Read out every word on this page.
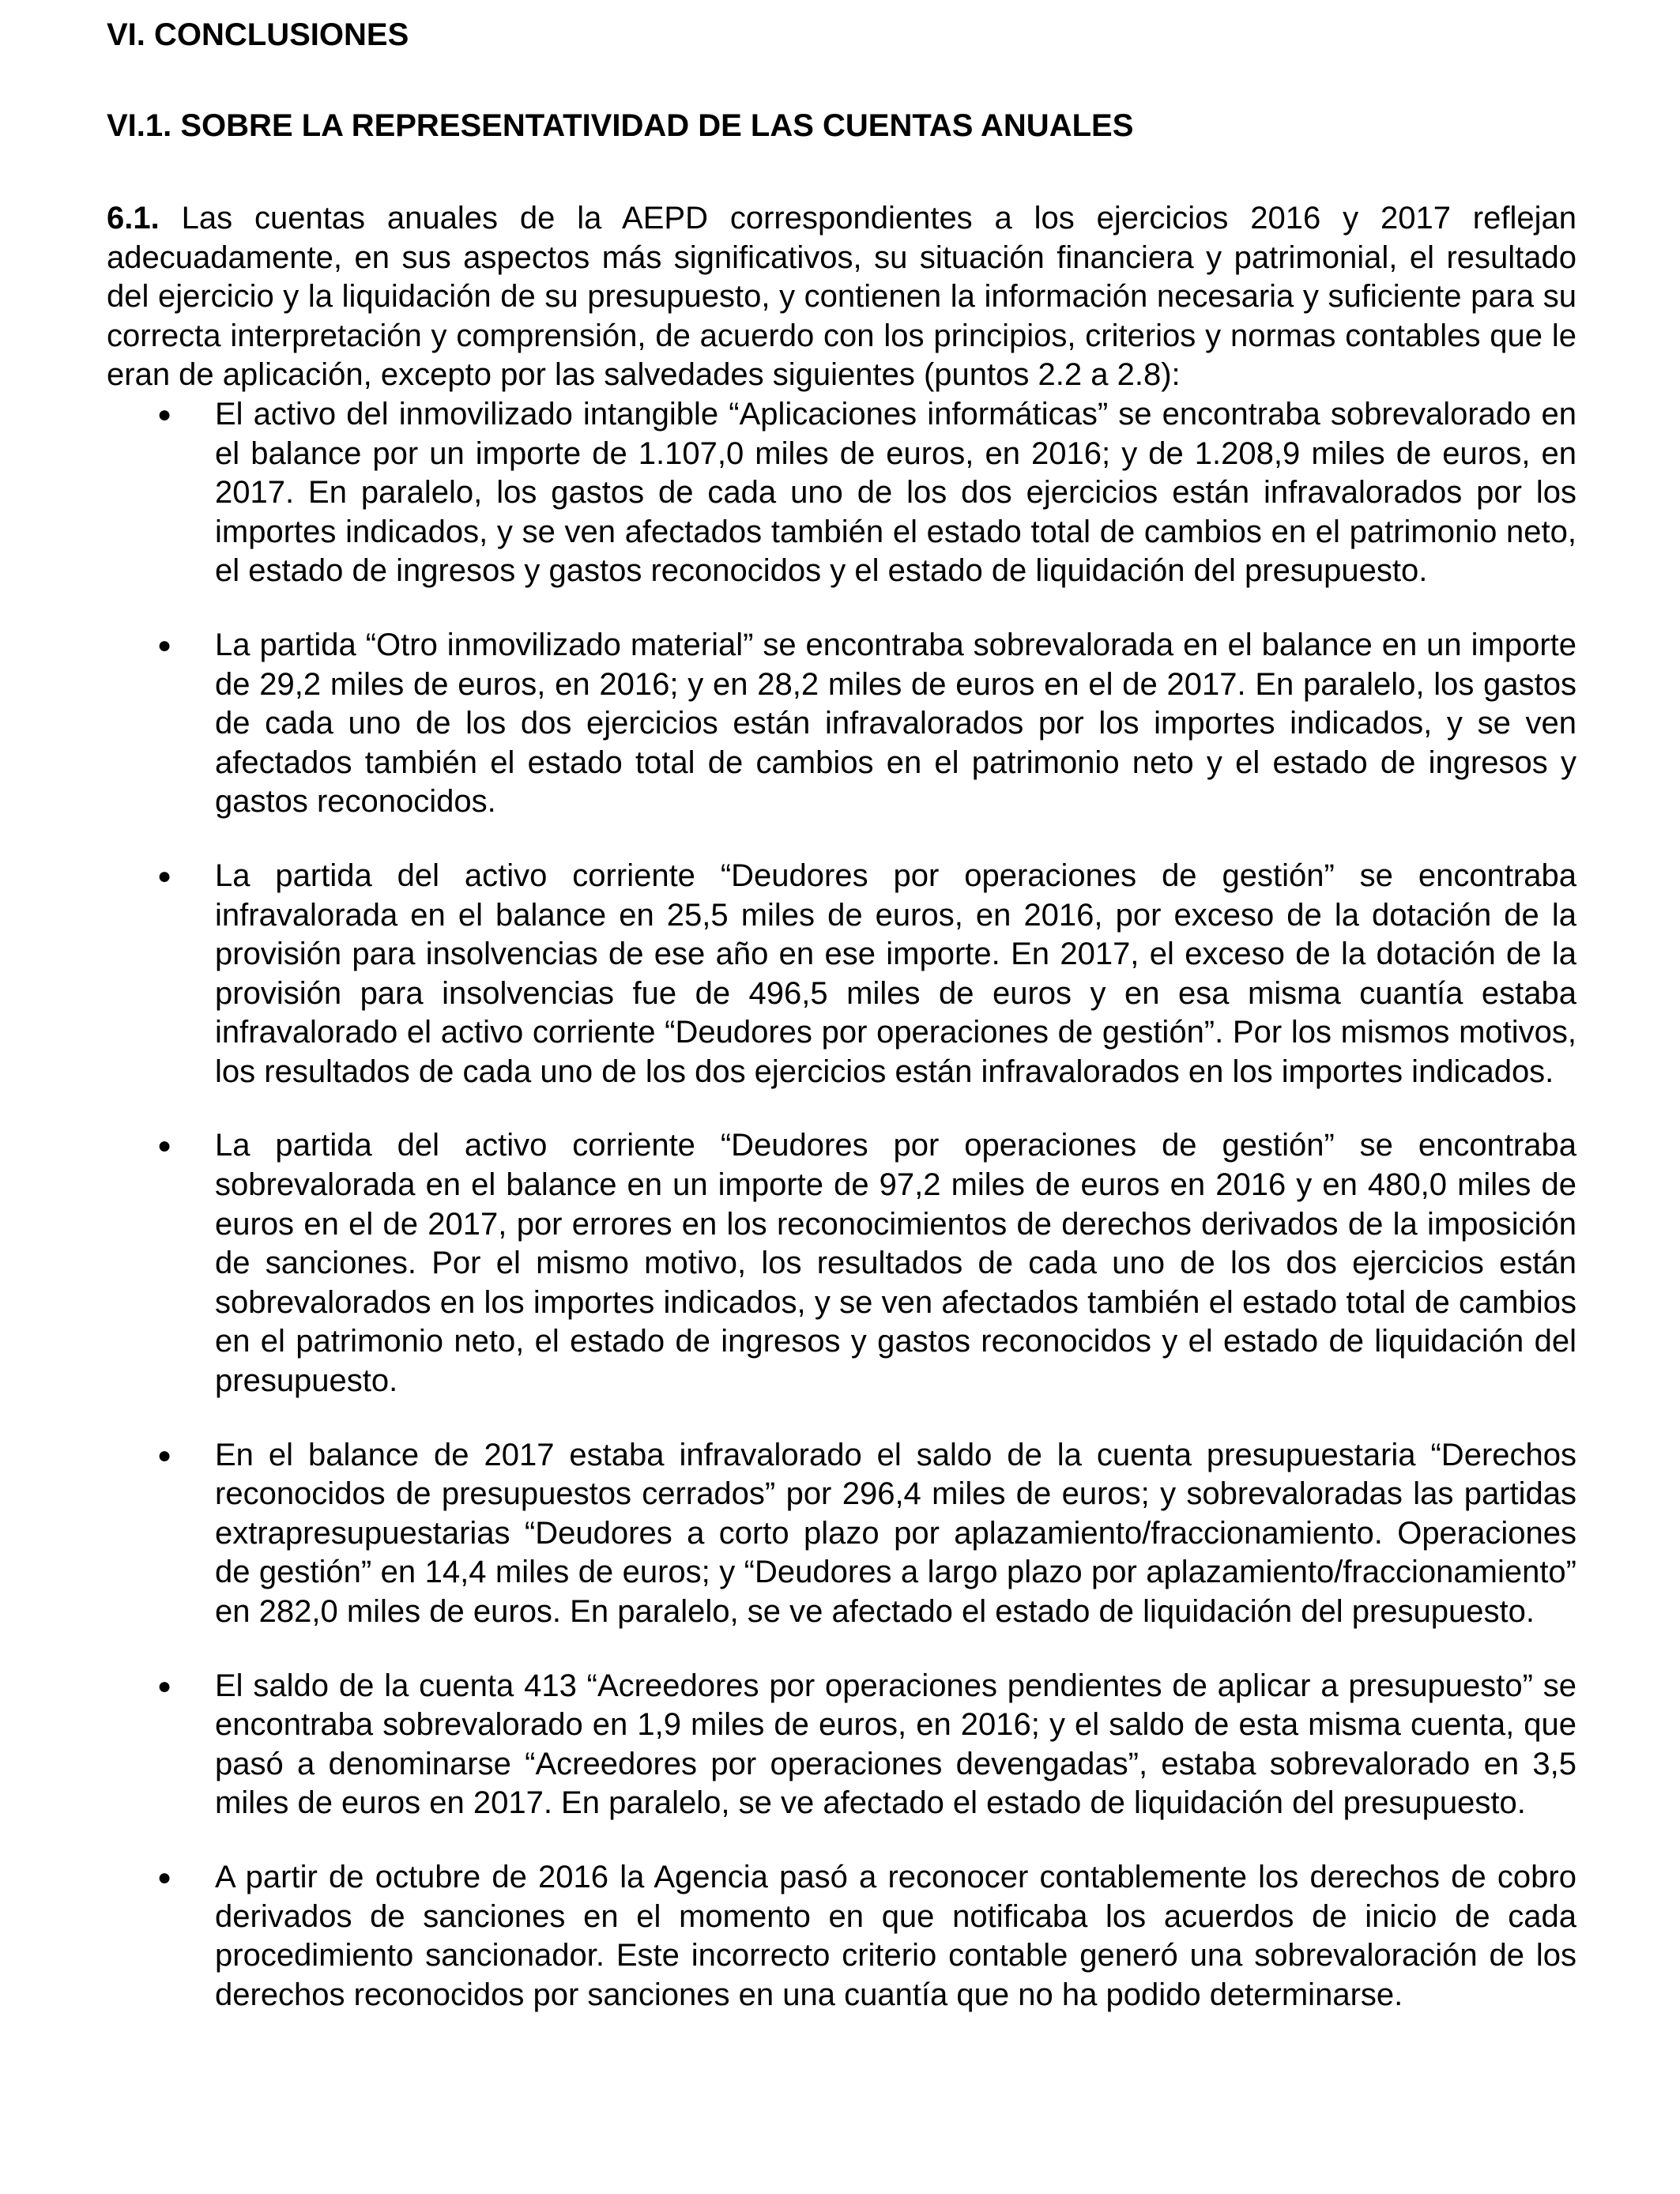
VI. CONCLUSIONES
VI.1. SOBRE LA REPRESENTATIVIDAD DE LAS CUENTAS ANUALES

6.1. Las cuentas anuales de la AEPD correspondientes a los ejercicios 2016 y 2017 reflejan adecuadamente, en sus aspectos más significativos, su situación financiera y patrimonial, el resultado del ejercicio y la liquidación de su presupuesto, y contienen la información necesaria y suficiente para su correcta interpretación y comprensión, de acuerdo con los principios, criterios y normas contables que le eran de aplicación, excepto por las salvedades siguientes (puntos 2.2 a 2.8):

● El activo del inmovilizado intangible “Aplicaciones informáticas” se encontraba sobrevalorado en el balance por un importe de 1.107,0 miles de euros, en 2016; y de 1.208,9 miles de euros, en 2017. En paralelo, los gastos de cada uno de los dos ejercicios están infravalorados por los importes indicados, y se ven afectados también el estado total de cambios en el patrimonio neto, el estado de ingresos y gastos reconocidos y el estado de liquidación del presupuesto.
● La partida “Otro inmovilizado material” se encontraba sobrevalorada en el balance en un importe de 29,2 miles de euros, en 2016; y en 28,2 miles de euros en el de 2017. En paralelo, los gastos de cada uno de los dos ejercicios están infravalorados por los importes indicados, y se ven afectados también el estado total de cambios en el patrimonio neto y el estado de ingresos y gastos reconocidos.
● La partida del activo corriente “Deudores por operaciones de gestión” se encontraba infravalorada en el balance en 25,5 miles de euros, en 2016, por exceso de la dotación de la provisión para insolvencias de ese año en ese importe. En 2017, el exceso de la dotación de la provisión para insolvencias fue de 496,5 miles de euros y en esa misma cuantía estaba infravalorado el activo corriente “Deudores por operaciones de gestión”. Por los mismos motivos, los resultados de cada uno de los dos ejercicios están infravalorados en los importes indicados.
● La partida del activo corriente “Deudores por operaciones de gestión” se encontraba sobrevalorada en el balance en un importe de 97,2 miles de euros en 2016 y en 480,0 miles de euros en el de 2017, por errores en los reconocimientos de derechos derivados de la imposición de sanciones. Por el mismo motivo, los resultados de cada uno de los dos ejercicios están sobrevalorados en los importes indicados, y se ven afectados también el estado total de cambios en el patrimonio neto, el estado de ingresos y gastos reconocidos y el estado de liquidación del presupuesto.
● En el balance de 2017 estaba infravalorado el saldo de la cuenta presupuestaria “Derechos reconocidos de presupuestos cerrados” por 296,4 miles de euros; y sobrevaloradas las partidas extrapresupuestarias “Deudores a corto plazo por aplazamiento/fraccionamiento. Operaciones de gestión” en 14,4 miles de euros; y “Deudores a largo plazo por aplazamiento/fraccionamiento” en 282,0 miles de euros. En paralelo, se ve afectado el estado de liquidación del presupuesto.
● El saldo de la cuenta 413 “Acreedores por operaciones pendientes de aplicar a presupuesto” se encontraba sobrevalorado en 1,9 miles de euros, en 2016; y el saldo de esta misma cuenta, que pasó a denominarse “Acreedores por operaciones devengadas”, estaba sobrevalorado en 3,5 miles de euros en 2017. En paralelo, se ve afectado el estado de liquidación del presupuesto.
● A partir de octubre de 2016 la Agencia pasó a reconocer contablemente los derechos de cobro derivados de sanciones en el momento en que notificaba los acuerdos de inicio de cada procedimiento sancionador. Este incorrecto criterio contable generó una sobrevaloración de los derechos reconocidos por sanciones en una cuantía que no ha podido determinarse.
